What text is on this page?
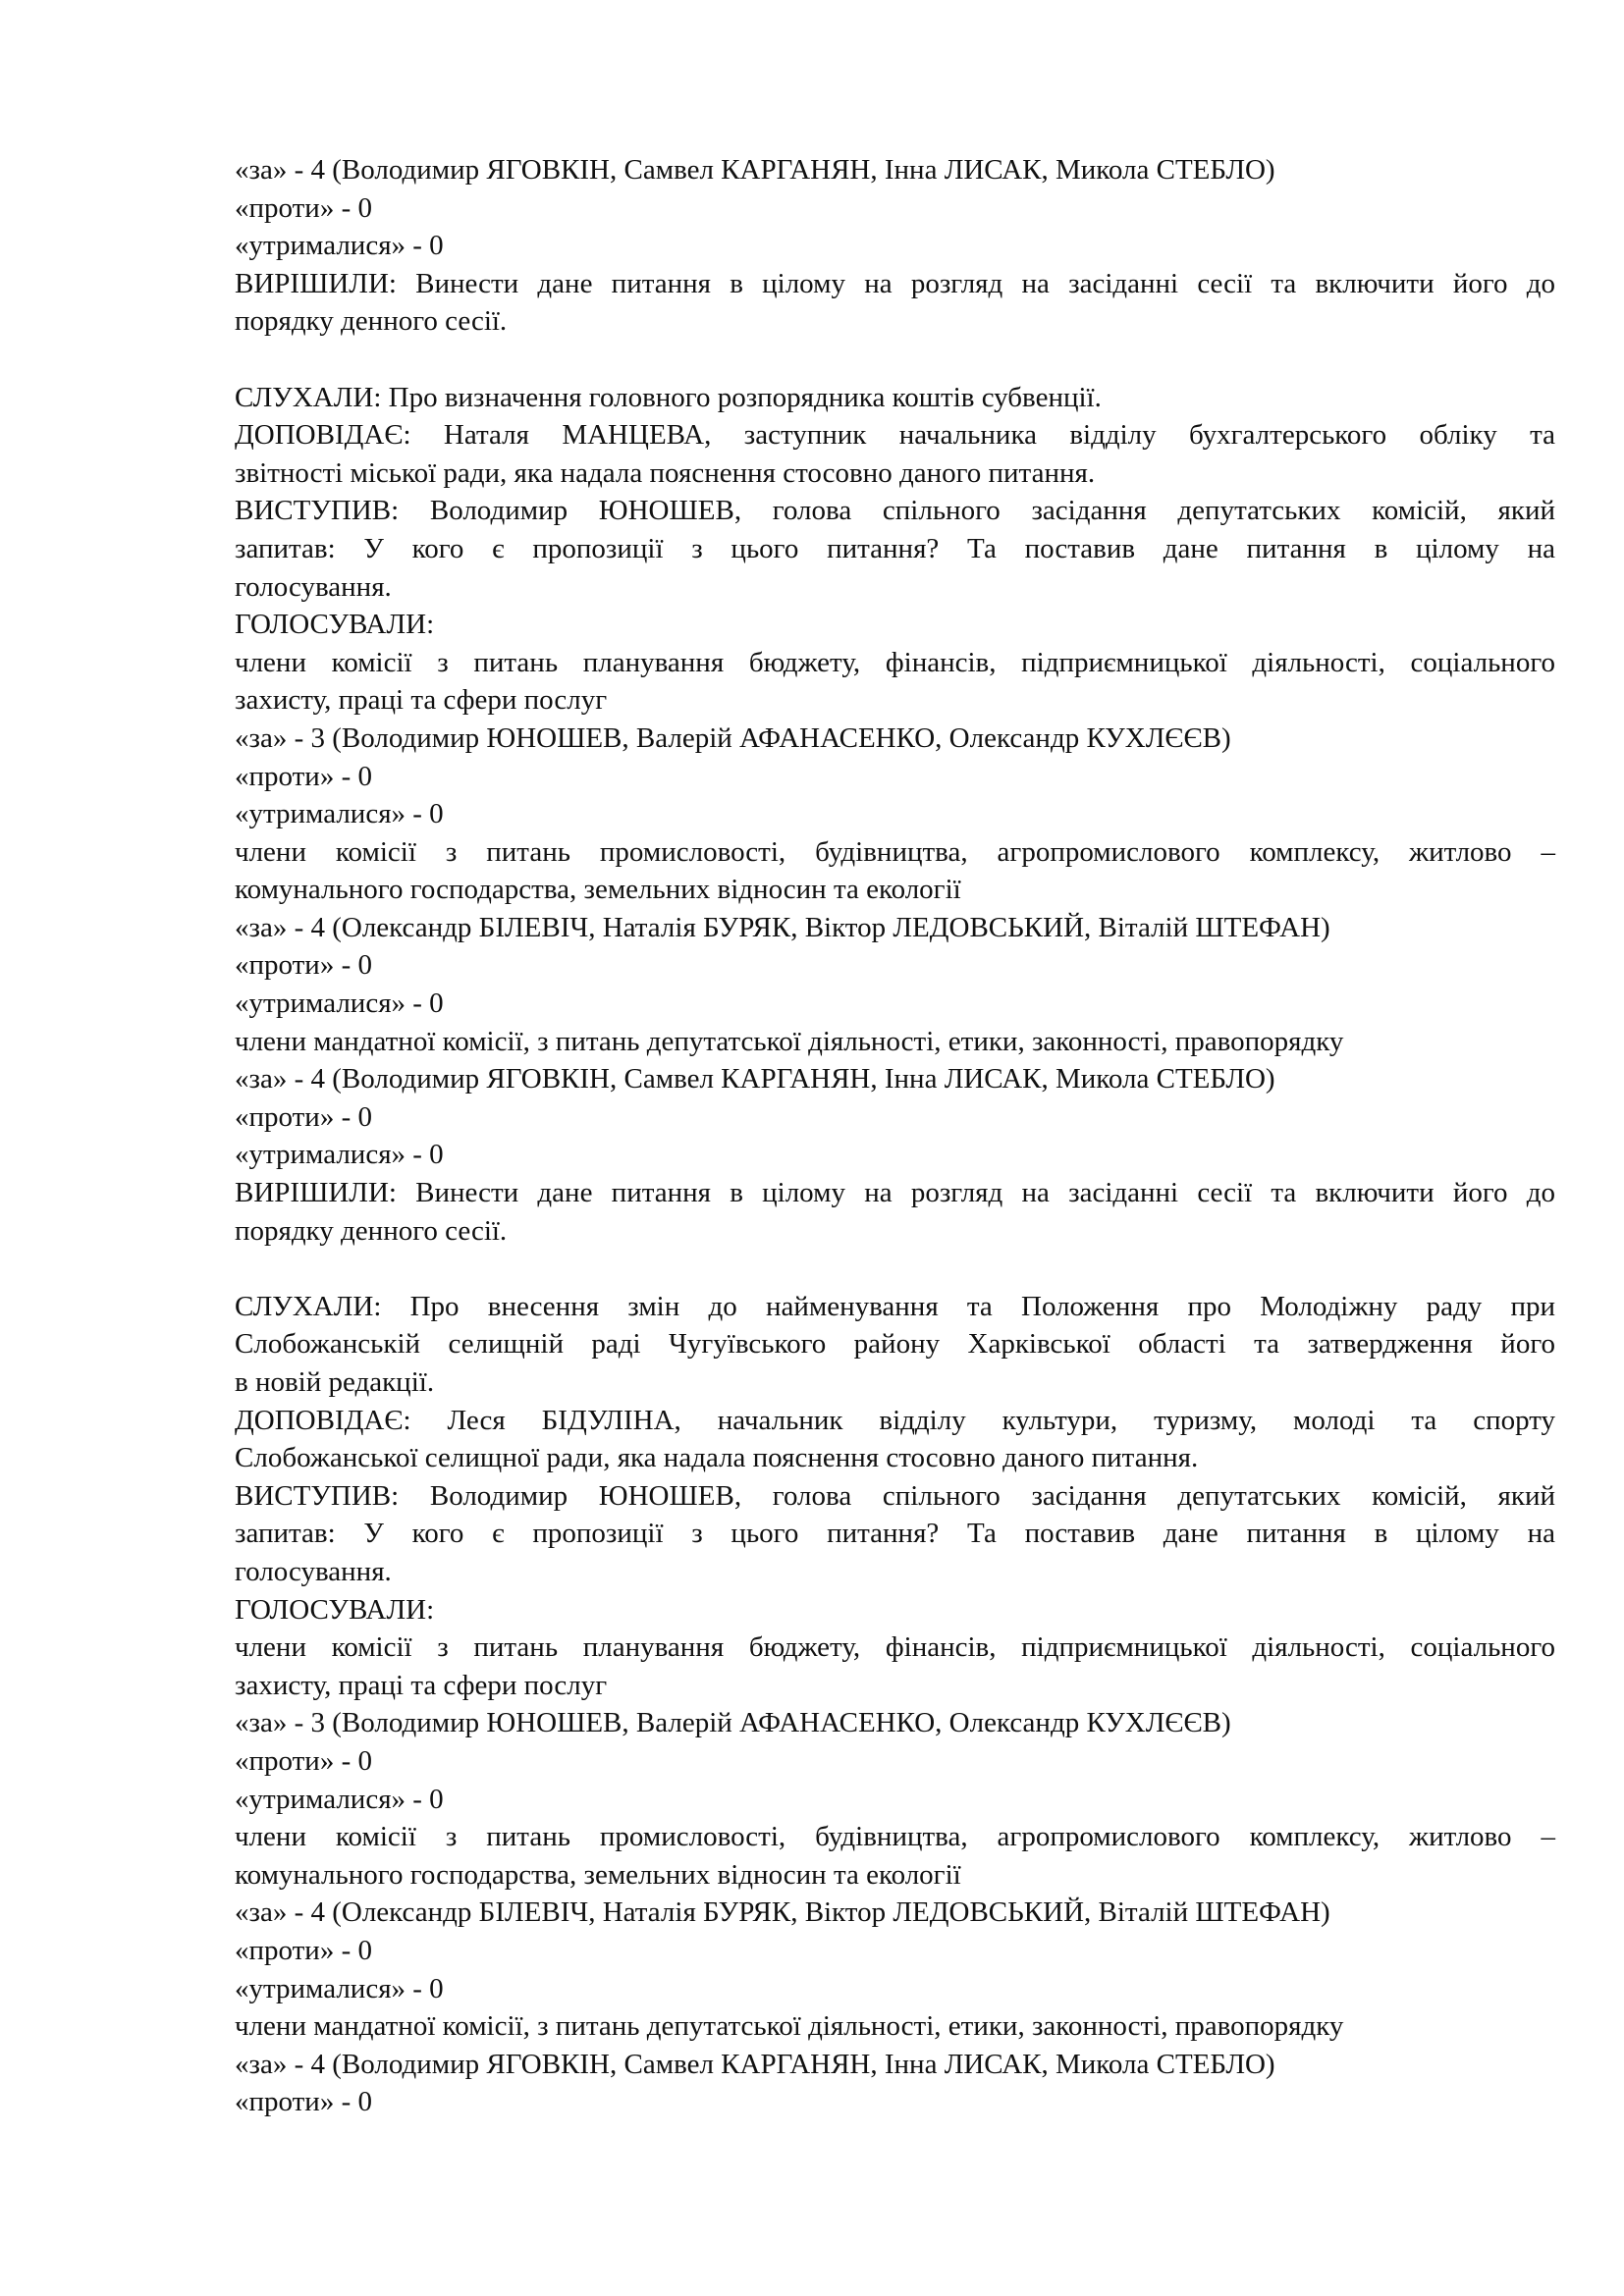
«за» - 4 (Володимир ЯГОВКІН, Самвел КАРГАНЯН, Інна ЛИСАК, Микола СТЕБЛО)
«проти» - 0
«утрималися» - 0
ВИРІШИЛИ: Винести дане питання в цілому на розгляд на засіданні сесії та включити його до
порядку денного сесії.
СЛУХАЛИ: Про визначення головного розпорядника коштів субвенції.
ДОПОВІДАЄ: Наталя МАНЦЕВА, заступник начальника відділу бухгалтерського обліку та
звітності міської ради, яка надала пояснення стосовно даного питання.
ВИСТУПИВ: Володимир ЮНОШЕВ, голова спільного засідання депутатських комісій, який
запитав: У кого є пропозиції з цього питання? Та поставив дане питання в цілому на
голосування.
ГОЛОСУВАЛИ:
члени комісії з питань планування бюджету, фінансів, підприємницької діяльності, соціального
захисту, праці та сфери послуг
«за» - 3 (Володимир ЮНОШЕВ, Валерій АФАНАСЕНКО, Олександр КУХЛЄЄВ)
«проти» - 0
«утрималися» - 0
члени комісії з питань промисловості, будівництва, агропромислового комплексу, житлово –
комунального господарства, земельних відносин та екології
«за» - 4 (Олександр БІЛЕВІЧ, Наталія БУРЯК, Віктор ЛЕДОВСЬКИЙ, Віталій ШТЕФАН)
«проти» - 0
«утрималися» - 0
члени мандатної комісії, з питань депутатської діяльності, етики, законності, правопорядку
«за» - 4 (Володимир ЯГОВКІН, Самвел КАРГАНЯН, Інна ЛИСАК, Микола СТЕБЛО)
«проти» - 0
«утрималися» - 0
ВИРІШИЛИ: Винести дане питання в цілому на розгляд на засіданні сесії та включити його до
порядку денного сесії.
СЛУХАЛИ: Про внесення змін до найменування та Положення про Молодіжну раду при
Слобожанській селищній раді Чугуївського району Харківської області та затвердження його
в новій редакції.
ДОПОВІДАЄ: Леся БІДУЛІНА, начальник відділу культури, туризму, молоді та спорту
Слобожанської селищної ради, яка надала пояснення стосовно даного питання.
ВИСТУПИВ: Володимир ЮНОШЕВ, голова спільного засідання депутатських комісій, який
запитав: У кого є пропозиції з цього питання? Та поставив дане питання в цілому на
голосування.
ГОЛОСУВАЛИ:
члени комісії з питань планування бюджету, фінансів, підприємницької діяльності, соціального
захисту, праці та сфери послуг
«за» - 3 (Володимир ЮНОШЕВ, Валерій АФАНАСЕНКО, Олександр КУХЛЄЄВ)
«проти» - 0
«утрималися» - 0
члени комісії з питань промисловості, будівництва, агропромислового комплексу, житлово –
комунального господарства, земельних відносин та екології
«за» - 4 (Олександр БІЛЕВІЧ, Наталія БУРЯК, Віктор ЛЕДОВСЬКИЙ, Віталій ШТЕФАН)
«проти» - 0
«утрималися» - 0
члени мандатної комісії, з питань депутатської діяльності, етики, законності, правопорядку
«за» - 4 (Володимир ЯГОВКІН, Самвел КАРГАНЯН, Інна ЛИСАК, Микола СТЕБЛО)
«проти» - 0
